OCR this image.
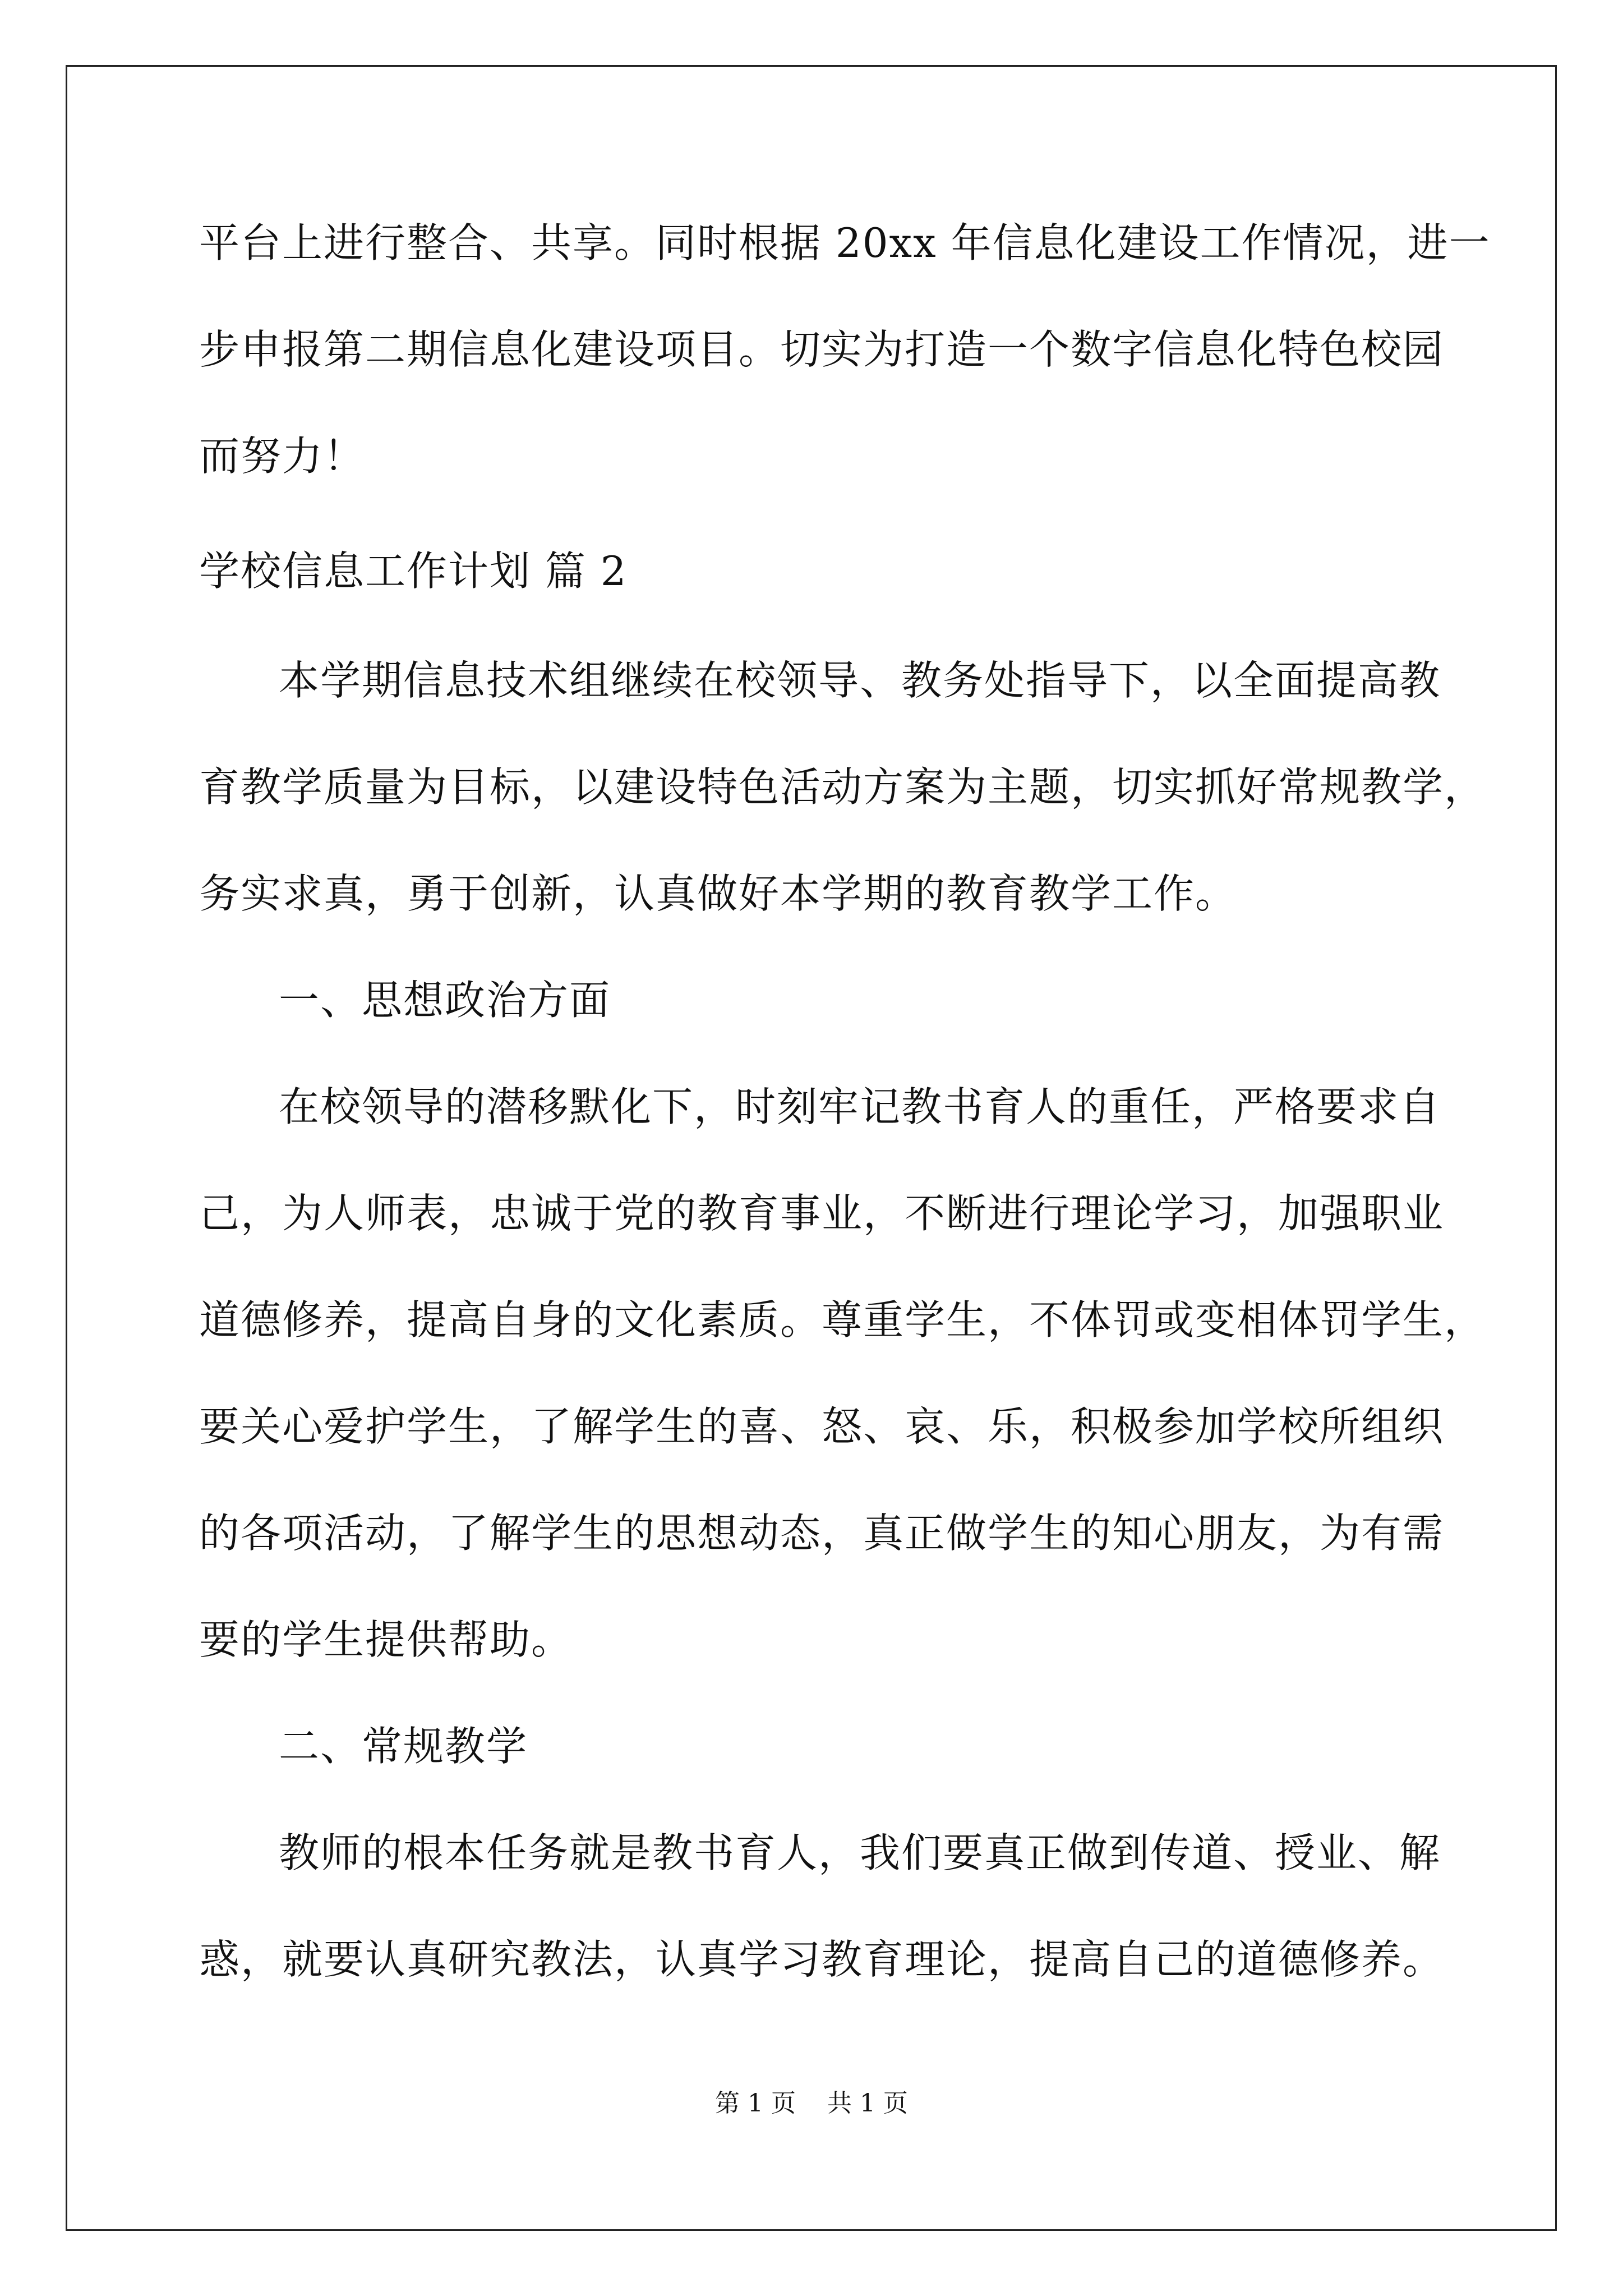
平台上进行整合、共享。同时根据 20xx 年信息化建设工作情况，进一
步申报第二期信息化建设项目。切实为打造一个数字信息化特色校园
而努力！
学校信息工作计划 篇 2
本学期信息技术组继续在校领导、教务处指导下，以全面提高教
育教学质量为目标，以建设特色活动方案为主题，切实抓好常规教学，
务实求真，勇于创新，认真做好本学期的教育教学工作。
一、思想政治方面
在校领导的潜移默化下，时刻牢记教书育人的重任，严格要求自
己，为人师表，忠诚于党的教育事业，不断进行理论学习，加强职业
道德修养，提高自身的文化素质。尊重学生，不体罚或变相体罚学生，
要关心爱护学生，了解学生的喜、怒、哀、乐，积极参加学校所组织
的各项活动，了解学生的思想动态，真正做学生的知心朋友，为有需
要的学生提供帮助。
二、常规教学
教师的根本任务就是教书育人，我们要真正做到传道、授业、解
惑，就要认真研究教法，认真学习教育理论，提高自己的道德修养。
第 1 页    共 1 页
